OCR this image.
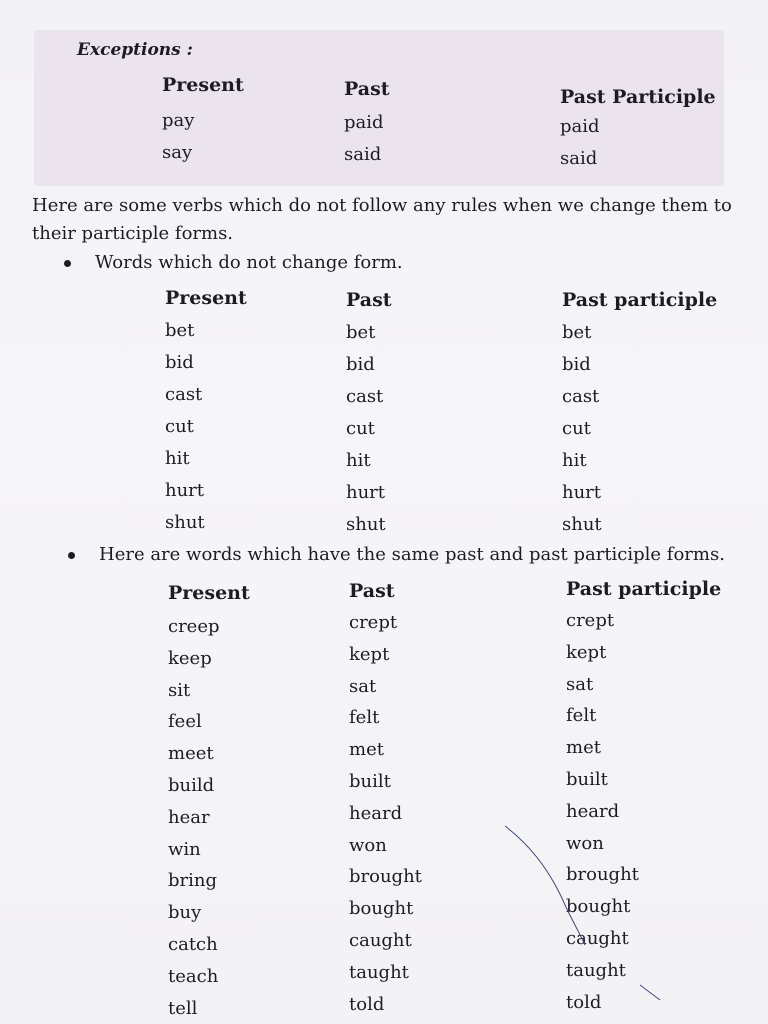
Exceptions :
Present	Past	Past Participle
pay	paid	paid
say	said	said
Here are some verbs which do not follow any rules when we change them to their participle forms.
Words which do not change form.
Present	Past	Past participle
bet	bet	bet
bid	bid	bid
cast	cast	cast
cut	cut	cut
hit	hit	hit
hurt	hurt	hurt
shut	shut	shut
Here are words which have the same past and past participle forms.
Present	Past	Past participle
creep	crept	crept
keep	kept	kept
sit	sat	sat
feel	felt	felt
meet	met	met
build	built	built
hear	heard	heard
win	won	won
bring	brought	brought
buy	bought	bought
catch	caught	caught
teach	taught	taught
tell	told	told
